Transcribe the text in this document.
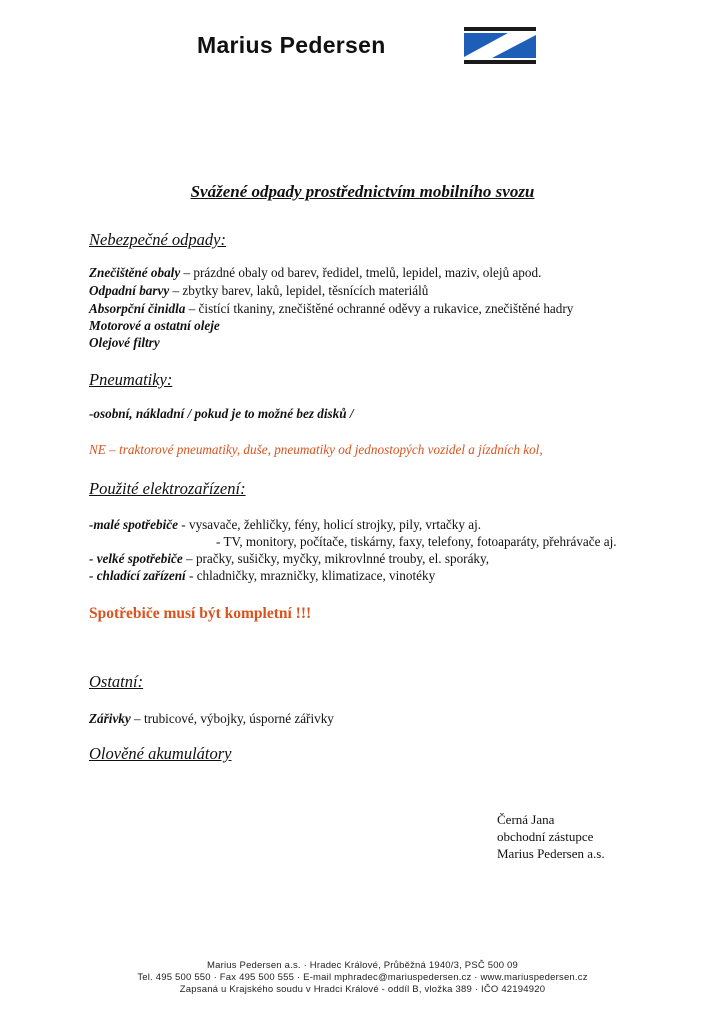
Marius Pedersen
Svážené odpady prostřednictvím mobilního svozu
Nebezpečné odpady:
Znečištěné obaly – prázdné obaly od barev, ředidel, tmelů, lepidel, maziv, olejů apod.
Odpadní barvy – zbytky barev, laků, lepidel, těsnících materiálů
Absorpční činidla – čistící tkaniny, znečištěné ochranné oděvy a rukavice, znečištěné hadry
Motorové a ostatní oleje
Olejové filtry
Pneumatiky:
-osobní, nákladní / pokud je to možné bez disků /
NE – traktorové pneumatiky, duše, pneumatiky od jednostopých vozidel a jízdních kol,
Použité elektrozařízení:
-malé spotřebiče - vysavače, žehličky, fény, holicí strojky, pily, vrtačky aj.
- TV, monitory, počítače, tiskárny, faxy, telefony, fotoaparáty, přehrávače aj.
- velké spotřebiče – pračky, sušičky, myčky, mikrovlnné trouby, el. sporáky,
- chladící zařízení - chladničky, mrazničky, klimatizace, vinotéky
Spotřebiče musí být kompletní !!!
Ostatní:
Zářivky – trubicové, výbojky, úsporné zářivky
Olověné akumulátory
Černá Jana
obchodní zástupce
Marius Pedersen a.s.
Marius Pedersen a.s. · Hradec Králové, Průběžná 1940/3, PSČ 500 09
Tel. 495 500 550 · Fax 495 500 555 · E-mail mphradec@mariuspedersen.cz · www.mariuspedersen.cz
Zapsaná u Krajského soudu v Hradci Králové - oddíl B, vložka 389 · IČO 42194920
